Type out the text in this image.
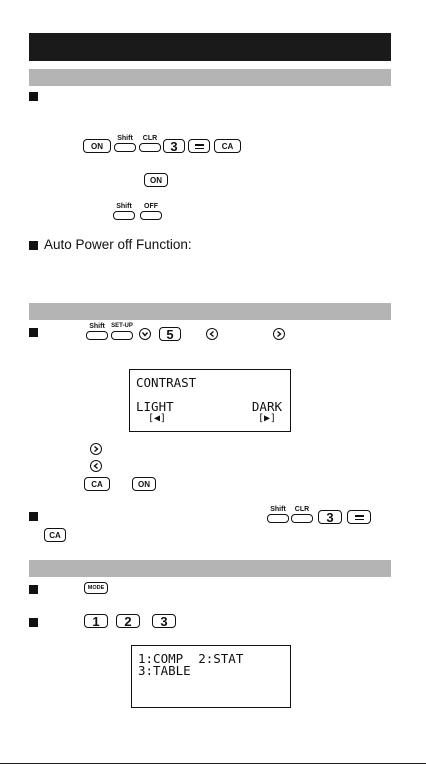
ON
Shift	CLR	3	CA
ON
Shift	OFF
Auto Power off Function:
Shift	SET-UP
5
CONTRAST
LIGHT	DARK
[◀]	[▶]
CA	ON
Shift	CLR	3
CA
MODE
1	2	3
1:COMP  2:STAT
3:TABLE
